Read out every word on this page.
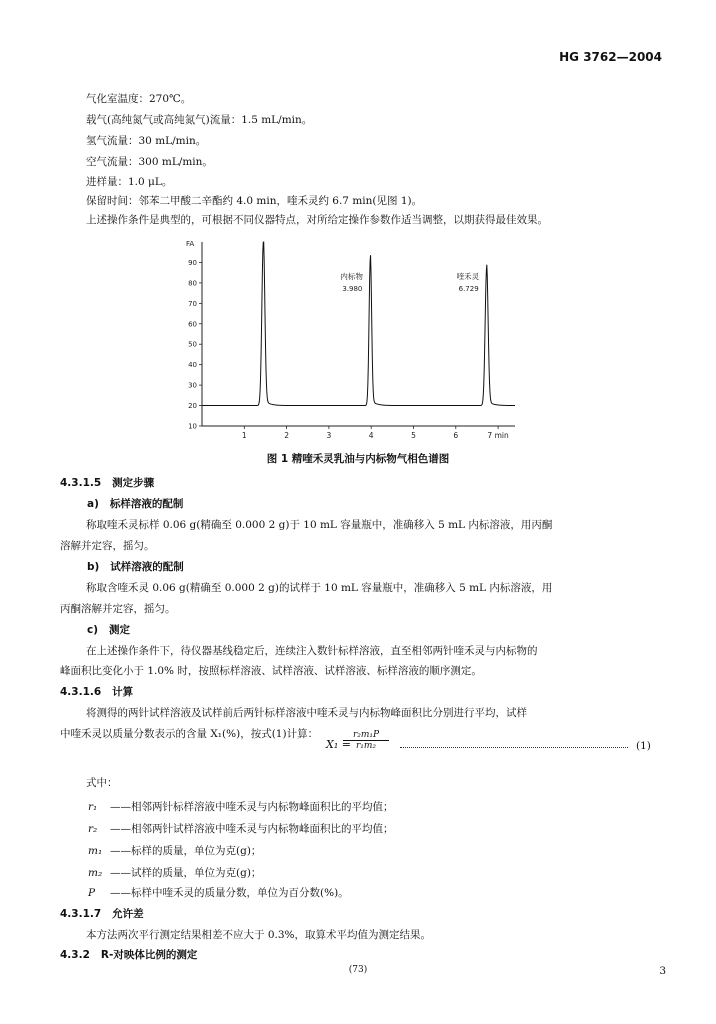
HG 3762—2004
气化室温度：270℃。
载气(高纯氮气或高纯氮气)流量：1.5 mL/min。
氢气流量：30 mL/min。
空气流量：300 mL/min。
进样量：1.0 μL。
保留时间：邻苯二甲酸二辛酯约 4.0 min，喹禾灵约 6.7 min(见图 1)。
上述操作条件是典型的，可根据不同仪器特点，对所给定操作参数作适当调整，以期获得最佳效果。
FA
10
20
30
40
50
60
70
80
90
1	2	3	4	5	6	7 min
内标物
3.980
喹禾灵
6.729
图 1 精喹禾灵乳油与内标物气相色谱图
4.3.1.5 测定步骤
a) 标样溶液的配制
称取喹禾灵标样 0.06 g(精确至 0.000 2 g)于 10 mL 容量瓶中，准确移入 5 mL 内标溶液，用丙酮
溶解并定容，摇匀。
b) 试样溶液的配制
称取含喹禾灵 0.06 g(精确至 0.000 2 g)的试样于 10 mL 容量瓶中，准确移入 5 mL 内标溶液，用
丙酮溶解并定容，摇匀。
c) 测定
在上述操作条件下，待仪器基线稳定后，连续注入数针标样溶液，直至相邻两针喹禾灵与内标物的
峰面积比变化小于 1.0% 时，按照标样溶液、试样溶液、试样溶液、标样溶液的顺序测定。
4.3.1.6 计算
将测得的两针试样溶液及试样前后两针标样溶液中喹禾灵与内标物峰面积比分别进行平均，试样
中喹禾灵以质量分数表示的含量 X₁(%)，按式(1)计算：
X₁ =
$\frac{\text{r₂m₁P}}{\text{r₁m₂}}$	(1)
式中：
r₁ ——相邻两针标样溶液中喹禾灵与内标物峰面积比的平均值；
r₂ ——相邻两针试样溶液中喹禾灵与内标物峰面积比的平均值；
m₁ ——标样的质量，单位为克(g)；
m₂ ——试样的质量，单位为克(g)；
P ——标样中喹禾灵的质量分数，单位为百分数(%)。
4.3.1.7 允许差
本方法两次平行测定结果相差不应大于 0.3%，取算术平均值为测定结果。
4.3.2 R-对映体比例的测定
(73)	3
